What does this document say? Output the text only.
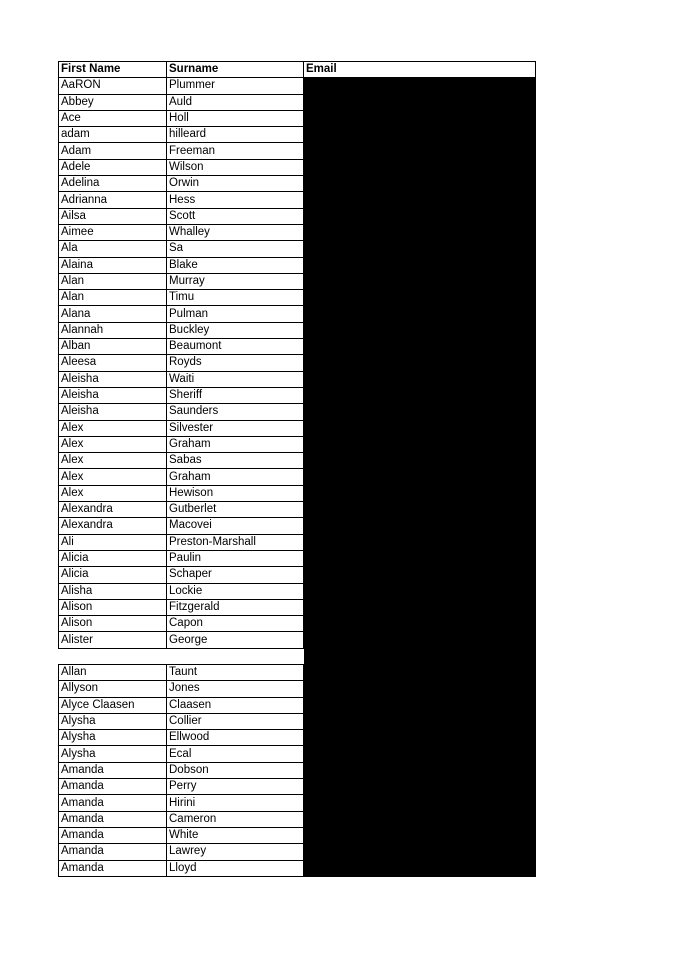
First Name	Surname	Email
AaRON	Plummer	
Abbey	Auld	
Ace	Holl	
adam	hilleard	
Adam	Freeman	
Adele	Wilson	
Adelina	Orwin	
Adrianna	Hess	
Ailsa	Scott	
Aimee	Whalley	
Ala	Sa	
Alaina	Blake	
Alan	Murray	
Alan	Timu	
Alana	Pulman	
Alannah	Buckley	
Alban	Beaumont	
Aleesa	Royds	
Aleisha	Waiti	
Aleisha	Sheriff	
Aleisha	Saunders	
Alex	Silvester	
Alex	Graham	
Alex	Sabas	
Alex	Graham	
Alex	Hewison	
Alexandra	Gutberlet	
Alexandra	Macovei	
Ali	Preston-Marshall	
Alicia	Paulin	
Alicia	Schaper	
Alisha	Lockie	
Alison	Fitzgerald	
Alison	Capon	
Alister	George	

Allan	Taunt	
Allyson	Jones	
Alyce Claasen	Claasen	
Alysha	Collier	
Alysha	Ellwood	
Alysha	Ecal	
Amanda	Dobson	
Amanda	Perry	
Amanda	Hirini	
Amanda	Cameron	
Amanda	White	
Amanda	Lawrey	
Amanda	Lloyd	
